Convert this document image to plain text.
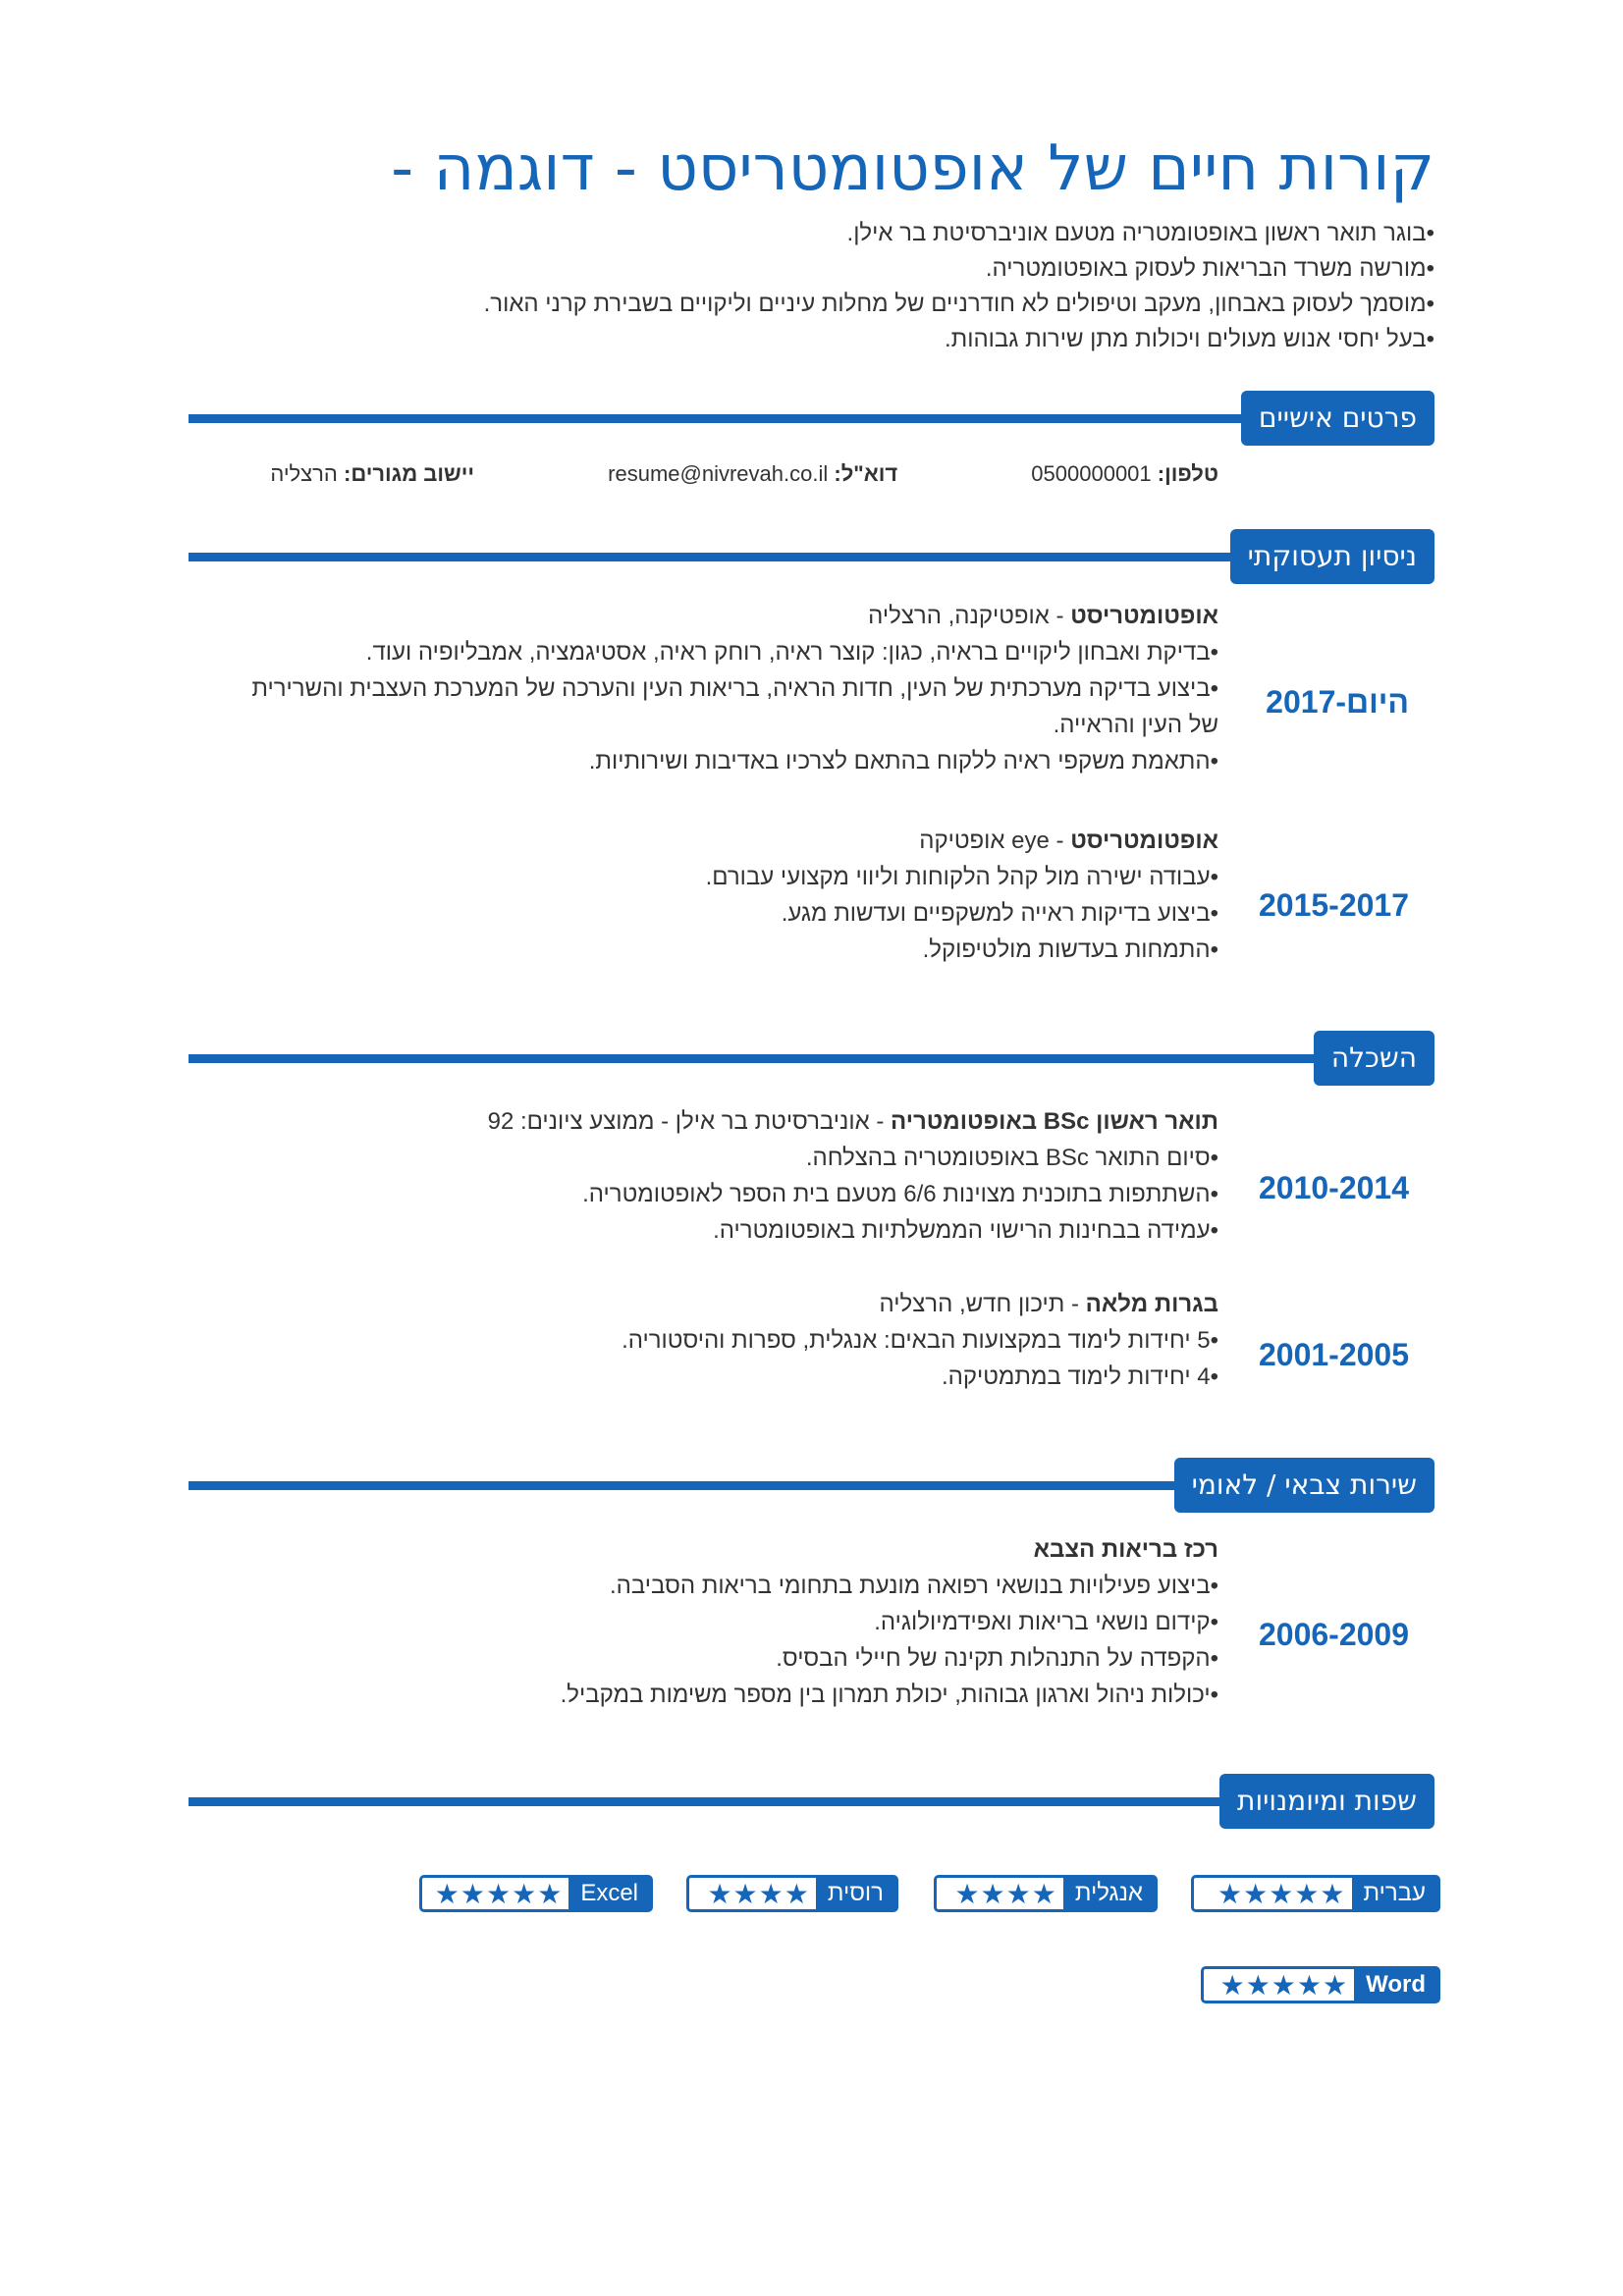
קורות חיים של אופטומטריסט - דוגמה -
•בוגר תואר ראשון באופטומטריה מטעם אוניברסיטת בר אילן.
•מורשה משרד הבריאות לעסוק באופטומטריה.
•מוסמך לעסוק באבחון, מעקב וטיפולים לא חודרניים של מחלות עיניים וליקויים בשבירת קרני האור.
•בעל יחסי אנוש מעולים ויכולות מתן שירות גבוהות.
פרטים אישיים
טלפון: 0500000001 דוא"ל: resume@nivrevah.co.il יישוב מגורים: הרצליה
ניסיון תעסוקתי
2017-היום
אופטומטריסט - אופטיקנה, הרצליה
•בדיקת ואבחון ליקויים בראיה, כגון: קוצר ראיה, רוחק ראיה, אסטיגמציה, אמבליופיה ועוד.
•ביצוע בדיקה מערכתית של העין, חדות הראיה, בריאות העין והערכה של המערכת העצבית והשרירית של העין והראייה.
•התאמת משקפי ראיה ללקוח בהתאם לצרכיו באדיבות ושירותיות.
2015-2017
אופטומטריסט - eye אופטיקה
•עבודה ישירה מול קהל הלקוחות וליווי מקצועי עבורם.
•ביצוע בדיקות ראייה למשקפיים ועדשות מגע.
•התמחות בעדשות מולטיפוקל.
השכלה
2010-2014
תואר ראשון BSc באופטומטריה - אוניברסיטת בר אילן - ממוצע ציונים: 92
•סיום התואר BSc באופטומטריה בהצלחה.
•השתתפות בתוכנית מצוינות 6/6 מטעם בית הספר לאופטומטריה.
•עמידה בבחינות הרישוי הממשלתיות באופטומטריה.
2001-2005
בגרות מלאה - תיכון חדש, הרצליה
•5 יחידות לימוד במקצועות הבאים: אנגלית, ספרות והיסטוריה.
•4 יחידות לימוד במתמטיקה.
שירות צבאי / לאומי
2006-2009
רכז בריאות הצבא
•ביצוע פעילויות בנושאי רפואה מונעת בתחומי בריאות הסביבה.
•קידום נושאי בריאות ואפידמיולוגיה.
•הקפדה על התנהלות תקינה של חיילי הבסיס.
•יכולות ניהול וארגון גבוהות, יכולת תמרון בין מספר משימות במקביל.
שפות ומיומנויות
עברית
★★★★★
אנגלית
★★★★
רוסית
★★★★
Excel
★★★★★
Word
★★★★★
